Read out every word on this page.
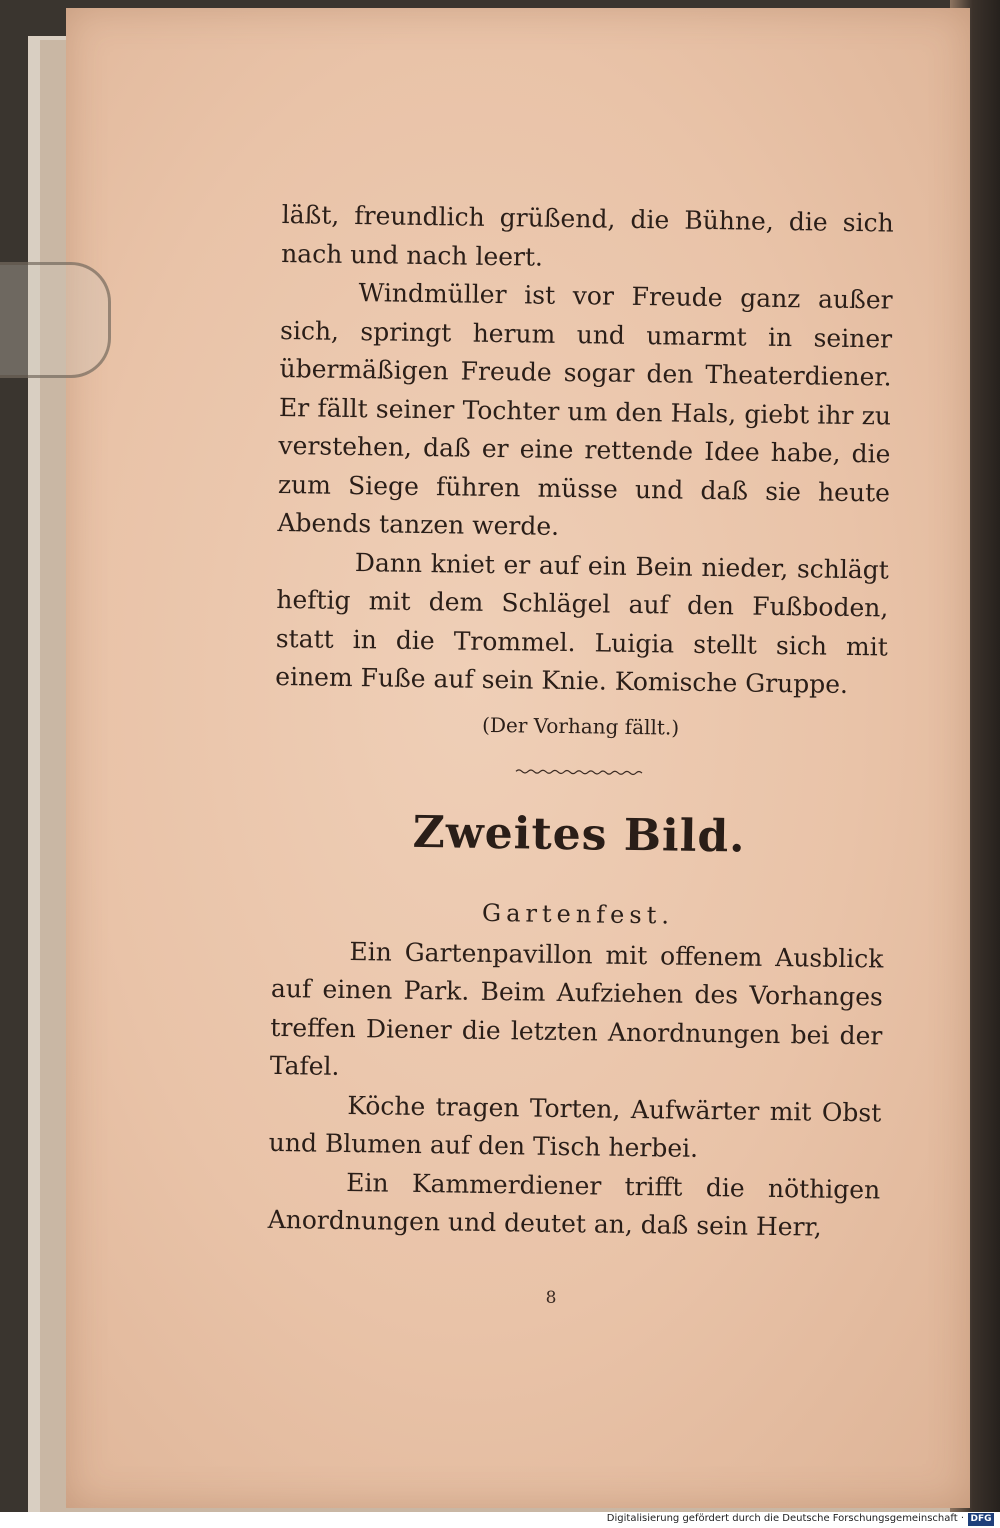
läßt, freundlich grüßend, die Bühne, die sich nach und nach leert.

Windmüller ist vor Freude ganz außer sich, springt herum und umarmt in seiner übermäßigen Freude sogar den Theaterdiener. Er fällt seiner Tochter um den Hals, giebt ihr zu verstehen, daß er eine rettende Idee habe, die zum Siege führen müsse und daß sie heute Abends tanzen werde.

Dann kniet er auf ein Bein nieder, schlägt heftig mit dem Schlägel auf den Fußboden, statt in die Trommel. Luigia stellt sich mit einem Fuße auf sein Knie. Komische Gruppe.

(Der Vorhang fällt.)

Zweites Bild.

Gartenfest.

Ein Gartenpavillon mit offenem Ausblick auf einen Park. Beim Aufziehen des Vorhanges treffen Diener die letzten Anordnungen bei der Tafel.

Köche tragen Torten, Aufwärter mit Obst und Blumen auf den Tisch herbei.

Ein Kammerdiener trifft die nöthigen Anordnungen und deutet an, daß sein Herr,

8
Digitalisierung gefördert durch die Deutsche Forschungsgemeinschaft · DFG
